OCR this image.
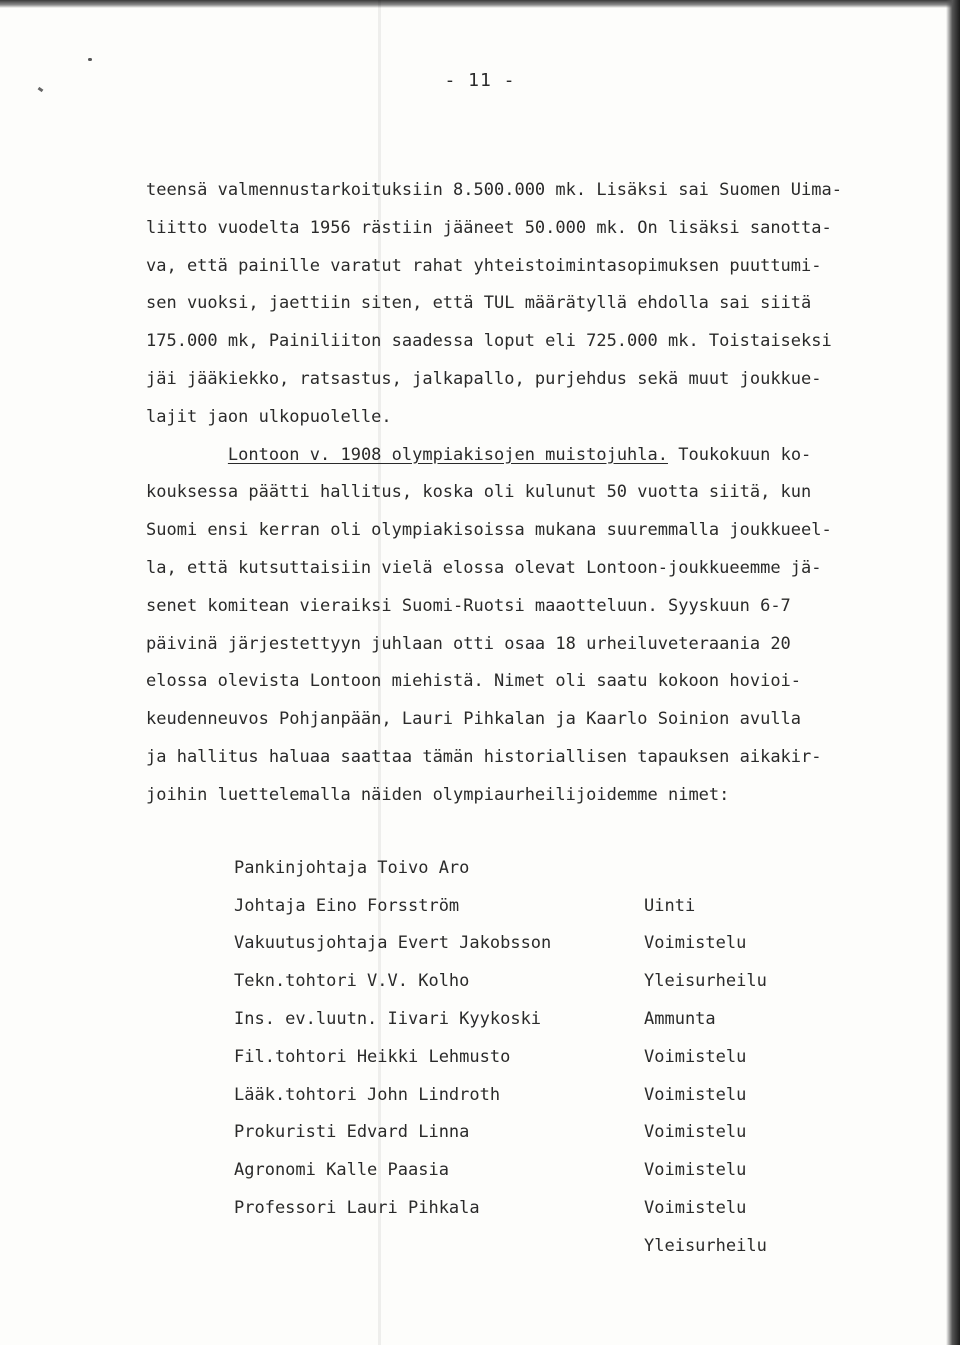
- 11 -
teensä valmennustarkoituksiin 8.500.000 mk. Lisäksi sai Suomen Uima-
liitto vuodelta 1956 rästiin jääneet 50.000 mk. On lisäksi sanotta-
va, että painille varatut rahat yhteistoimintasopimuksen puuttumi-
sen vuoksi, jaettiin siten, että TUL määrätyllä ehdolla sai siitä
175.000 mk, Painiliiton saadessa loput eli 725.000 mk. Toistaiseksi
jäi jääkiekko, ratsastus, jalkapallo, purjehdus sekä muut joukkue-
lajit jaon ulkopuolelle.
Lontoon v. 1908 olympiakisojen muistojuhla. Toukokuun ko-
kouksessa päätti hallitus, koska oli kulunut 50 vuotta siitä, kun
Suomi ensi kerran oli olympiakisoissa mukana suuremmalla joukkueel-
la, että kutsuttaisiin vielä elossa olevat Lontoon-joukkueemme jä-
senet komitean vieraiksi Suomi-Ruotsi maaotteluun. Syyskuun 6-7
päivinä järjestettyyn juhlaan otti osaa 18 urheiluveteraania 20
elossa olevista Lontoon miehistä. Nimet oli saatu kokoon hovioi-
keudenneuvos Pohjanpään, Lauri Pihkalan ja Kaarlo Soinion avulla
ja hallitus haluaa saattaa tämän historiallisen tapauksen aikakir-
joihin luettelemalla näiden olympiaurheilijoidemme nimet:

Pankinjohtaja Toivo Aro

Uinti

Johtaja Eino Forsström

Voimistelu

Vakuutusjohtaja Evert Jakobsson

Yleisurheilu

Tekn.tohtori V.V. Kolho

Ammunta

Ins. ev.luutn. Iivari Kyykoski

Voimistelu

Fil.tohtori Heikki Lehmusto

Voimistelu

Lääk.tohtori John Lindroth

Voimistelu

Prokuristi Edvard Linna

Voimistelu

Agronomi Kalle Paasia

Voimistelu

Professori Lauri Pihkala

Yleisurheilu
